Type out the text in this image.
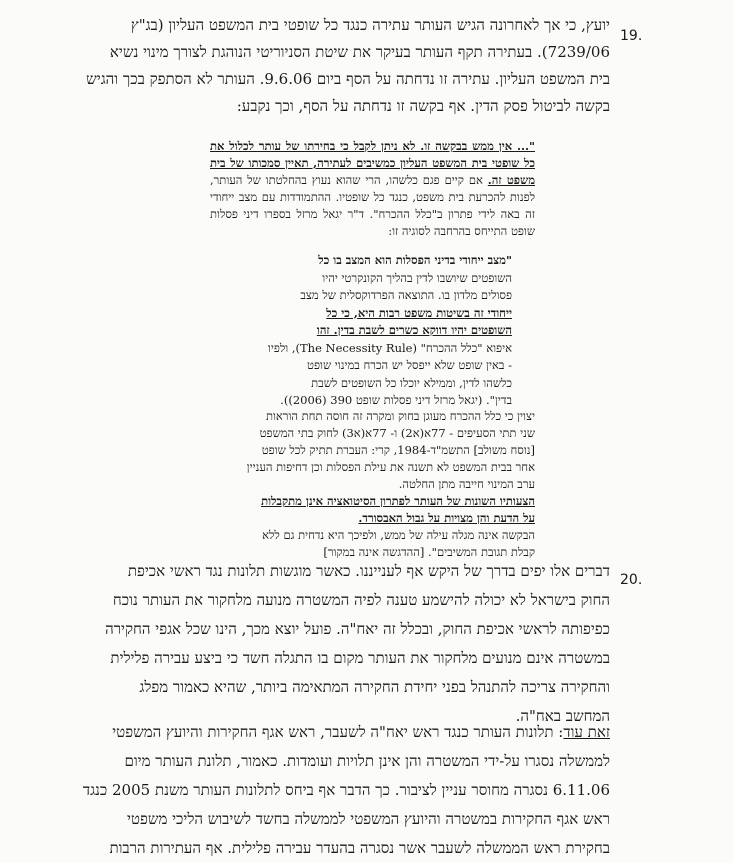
19.
יועץ, כי אך לאחרונה הגיש העותר עתירה כנגד כל שופטי בית המשפט העליון (בג"ץ
7239/06). בעתירה תקף העותר בעיקר את שיטת הסניוריטי הנוהגת לצורך מינוי נשיא
בית המשפט העליון. עתירה זו נדחתה על הסף ביום 9.6.06. העותר לא הסתפק בכך והגיש
בקשה לביטול פסק הדין. אף בקשה זו נדחתה על הסף, וכך נקבע:

"... אין ממש בבקשה זו. לא ניתן לקבל כי בחירתו של עותר לכלול את כל שופטי בית המשפט העליון כמשיבים לעתירה, תאיין סמכותו של בית משפט זה. אם קיים פגם כלשהו, הרי שהוא נעוץ בהחלטתו של העותר, לפנות להכרעת בית משפט, כנגד כל שופטיו. ההתמודדות עם מצב ייחודי זה באה לידי פתרון ב"כלל ההכרח". ד"ר יגאל מרזל בספרו דיני פסלות שופט התייחס בהרחבה לסוגיה זו:

"מצב ייחודי בדיני הפסלות הוא המצב בו כל
השופטים שיושבו לדין בהליך הקונקרטי יהיו
פסולים מלדון בו. התוצאה הפרדוקסלית של מצב
ייחודי זה בשיטות משפט רבות היא, כי כל
השופטים יהיו דווקא כשרים לשבת בדין. זהו
איפוא "כלל ההכרח" (The Necessity Rule), ולפיו
- באין שופט שלא ייפסל יש הכרח במינוי שופט
כלשהו לדין, וממילא יוכלו כל השופטים לשבת
בדין". (יגאל מרזל דיני פסלות שופט 390 (2006)).
יצוין כי כלל ההכרח מעוגן בחוק ומקרה זה חוסה תחת הוראות
שני תתי הסעיפים - 77א(א2) ו- 77א(א3) לחוק בתי המשפט
[נוסח משולב] התשמ"ד-1984, קרי: העברת תתיק לכל שופט
אחר בבית המשפט לא תשנה את עילת הפסלות וכן דחיפות העניין
ערב המינוי חייבה מתן החלטה.
הצעותיו השונות של העותר לפתרון הסיטואציה אינן מתקבלות
על הדעת והן מצויות על גבול האבסורד.
הבקשה אינה מגלה עילה של ממש, ולפיכך היא נדחית גם ללא
קבלת תגובת המשיבים". [ההדגשה אינה במקור]
20.
דברים אלו יפים בדרך של היקש אף לענייננו. כאשר מוגשות תלונות נגד ראשי אכיפת
החוק בישראל לא יכולה להישמע טענה לפיה המשטרה מנועה מלחקור את העותר נוכח
כפיפותה לראשי אכיפת החוק, ובכלל זה יאח"ה. פועל יוצא מכך, הינו שכל אגפי החקירה
במשטרה אינם מנועים מלחקור את העותר מקום בו התגלה חשד כי ביצע עבירה פלילית
והחקירה צריכה להתנהל בפני יחידת החקירה המתאימה ביותר, שהיא כאמור מפלג
המחשב באח"ה.
זאת עוד: תלונות העותר כנגד ראש יאח"ה לשעבר, ראש אגף החקירות והיועץ המשפטי
לממשלה נסגרו על-ידי המשטרה והן אינן תלויות ועומדות. כאמור, תלונת העותר מיום
6.11.06 נסגרה מחוסר עניין לציבור. כך הדבר אף ביחס לתלונות העותר משנת 2005 כנגד
ראש אגף החקירות במשטרה והיועץ המשפטי לממשלה בחשד לשיבוש הליכי משפטי
בחקירת ראש הממשלה לשעבר אשר נסגרה בהעדר עבירה פלילית. אף העתירות הרבות
